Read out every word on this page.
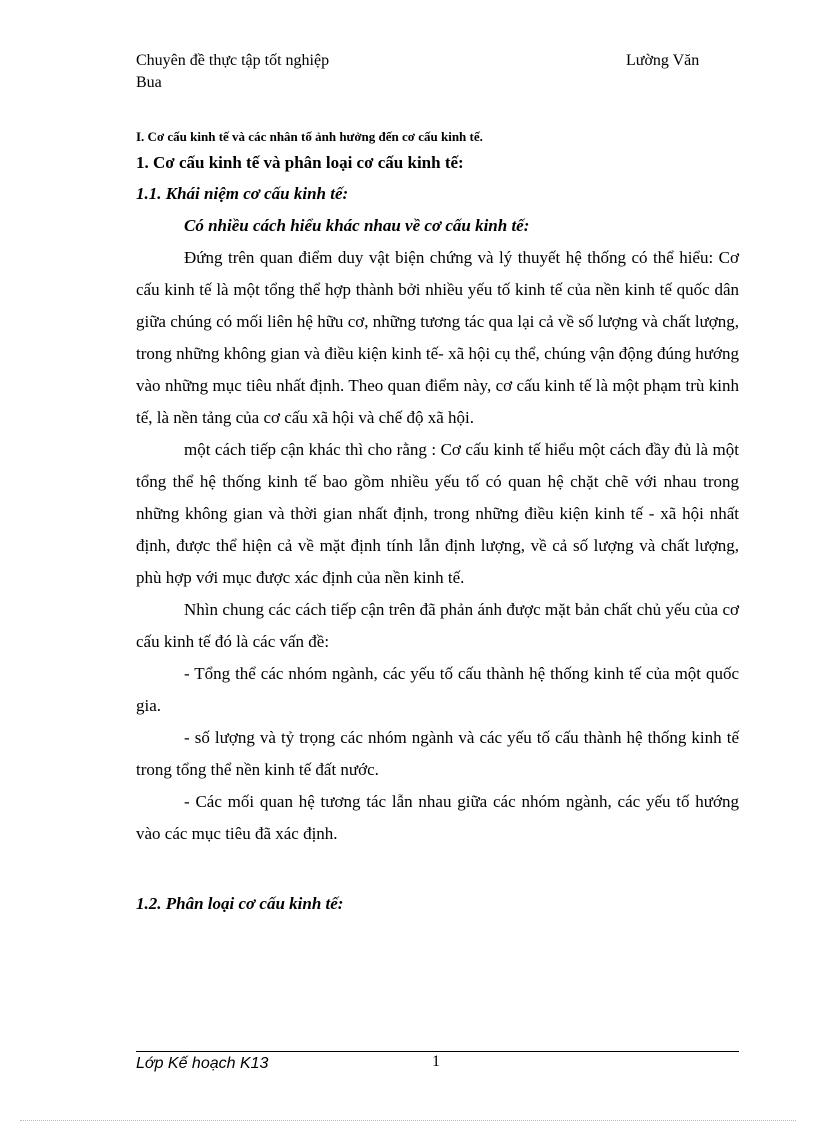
Chuyên đề thực tập tốt nghiệp
Bua
Lường Văn

I. Cơ cấu kinh tế và các nhân tố ảnh hưởng đến cơ cấu kinh tế.

1. Cơ cấu kinh tế và phân loại cơ cấu kinh tế:

1.1. Khái niệm cơ cấu kinh tế:

Có nhiều cách hiểu khác nhau về cơ cấu kinh tế:

Đứng trên quan điểm duy vật biện chứng và lý thuyết hệ thống có thể hiểu: Cơ cấu kinh tế là một tổng thể hợp thành bởi nhiều yếu tố kinh tế của nền kinh tế quốc dân giữa chúng có mối liên hệ hữu cơ, những tương tác qua lại cả về số lượng và chất lượng, trong những không gian và điều kiện kinh tế- xã hội cụ thể, chúng vận động đúng hướng vào những mục tiêu nhất định. Theo quan điểm này, cơ cấu kinh tế là một phạm trù kinh tế, là nền tảng của cơ cấu xã hội và chế độ xã hội.

một cách tiếp cận khác thì cho rằng : Cơ cấu kinh tế hiểu một cách đầy đủ là một tổng thể hệ thống kinh tế bao gồm nhiều yếu tố có quan hệ chặt chẽ với nhau trong những không gian và thời gian nhất định, trong những điều kiện kinh tế - xã hội nhất định, được thể hiện cả về mặt định tính lẫn định lượng, về cả số lượng và chất lượng, phù hợp với mục được xác định của nền kinh tế.

Nhìn chung các cách tiếp cận trên đã phản ánh được mặt bản chất chủ yếu của cơ cấu kinh tế đó là các vấn đề:

- Tổng thể các nhóm ngành, các yếu tố cấu thành hệ thống kinh tế của một quốc gia.

- số lượng và tỷ trọng các nhóm ngành và các yếu tố cấu thành hệ thống kinh tế trong tổng thể nền kinh tế đất nước.

- Các mối quan hệ tương tác lẫn nhau giữa các nhóm ngành, các yếu tố hướng vào các mục tiêu đã xác định.

1.2. Phân loại cơ cấu kinh tế:

Lớp Kế hoạch K13	1
